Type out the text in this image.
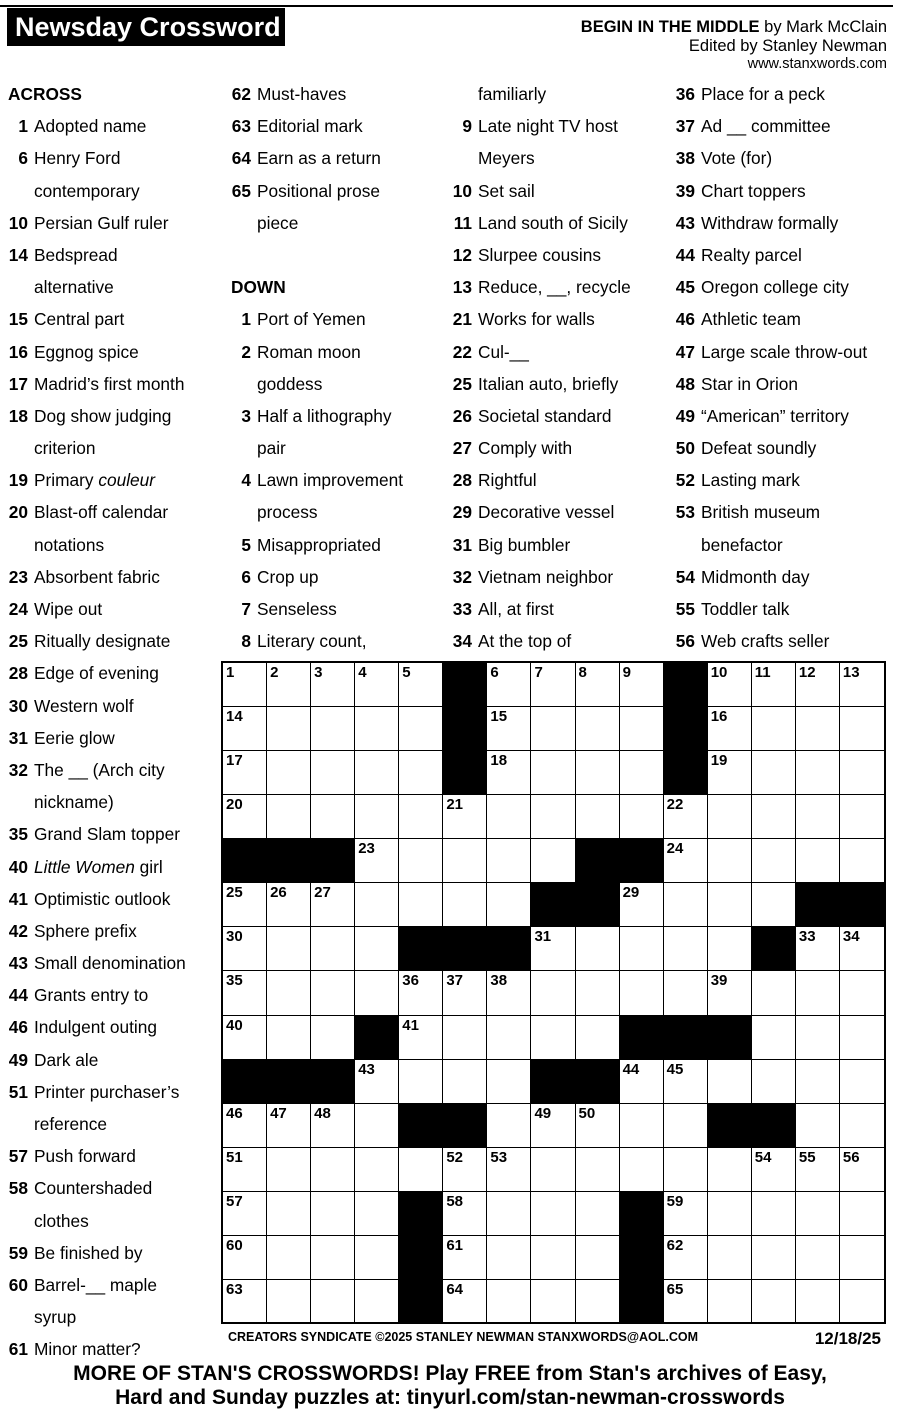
Newsday Crossword	BEGIN IN THE MIDDLE by Mark McClain
Edited by Stanley Newman
www.stanxwords.com
ACROSS
1 Adopted name
6 Henry Ford
contemporary
10 Persian Gulf ruler
14 Bedspread
alternative
15 Central part
16 Eggnog spice
17 Madrid’s first month
18 Dog show judging
criterion
19 Primary couleur
20 Blast-off calendar
notations
23 Absorbent fabric
24 Wipe out
25 Ritually designate
28 Edge of evening
30 Western wolf
31 Eerie glow
32 The __ (Arch city
nickname)
35 Grand Slam topper
40 Little Women girl
41 Optimistic outlook
42 Sphere prefix
43 Small denomination
44 Grants entry to
46 Indulgent outing
49 Dark ale
51 Printer purchaser’s
reference
57 Push forward
58 Countershaded
clothes
59 Be finished by
60 Barrel-__ maple
syrup
61 Minor matter?
62 Must-haves
63 Editorial mark
64 Earn as a return
65 Positional prose
piece
DOWN
1 Port of Yemen
2 Roman moon
goddess
3 Half a lithography
pair
4 Lawn improvement
process
5 Misappropriated
6 Crop up
7 Senseless
8 Literary count,
familiarly
9 Late night TV host
Meyers
10 Set sail
11 Land south of Sicily
12 Slurpee cousins
13 Reduce, __, recycle
21 Works for walls
22 Cul-__
25 Italian auto, briefly
26 Societal standard
27 Comply with
28 Rightful
29 Decorative vessel
31 Big bumbler
32 Vietnam neighbor
33 All, at first
34 At the top of
36 Place for a peck
37 Ad __ committee
38 Vote (for)
39 Chart toppers
43 Withdraw formally
44 Realty parcel
45 Oregon college city
46 Athletic team
47 Large scale throw-out
48 Star in Orion
49 “American” territory
50 Defeat soundly
52 Lasting mark
53 British museum
benefactor
54 Midmonth day
55 Toddler talk
56 Web crafts seller
1 2 3 4 5	6 7 8 9	10 11 12 13
14	15	16
17	18	19
20	21	22
23	24
25 26 27	29
30	31	33 34
35	36 37 38	39
40	41
43	44 45
46 47 48	49 50
51	52 53	54 55 56
57	58	59
60	61	62
63	64	65
CREATORS SYNDICATE ©2025 STANLEY NEWMAN STANXWORDS@AOL.COM	12/18/25
MORE OF STAN'S CROSSWORDS! Play FREE from Stan's archives of Easy,
Hard and Sunday puzzles at: tinyurl.com/stan-newman-crosswords
